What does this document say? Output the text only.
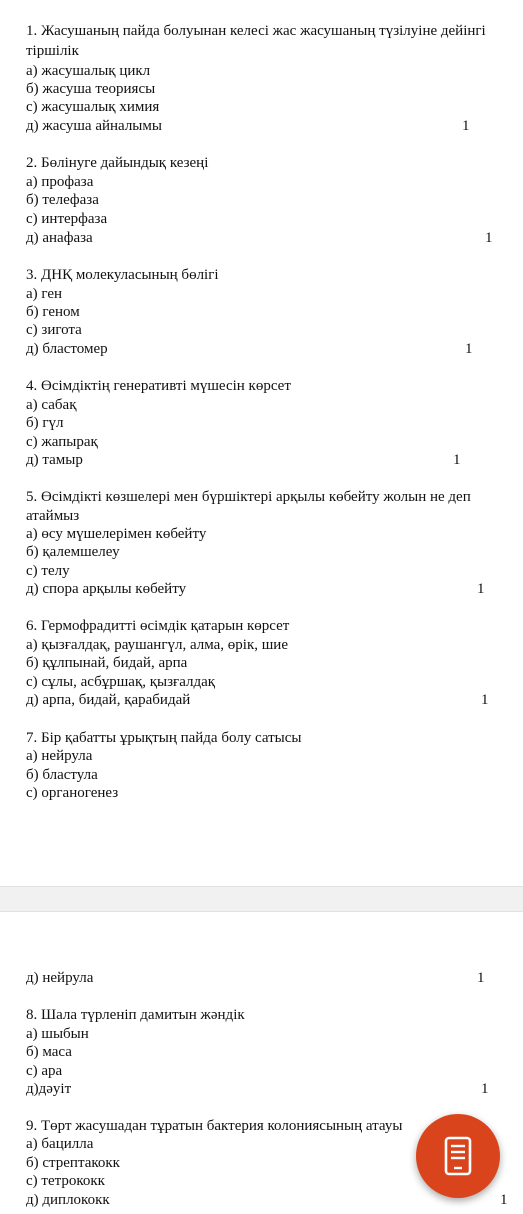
1. Жасушаның пайда болуынан келесі жас жасушаның түзілуіне дейінгі
тіршілік
а) жасушалық цикл
б) жасуша теориясы
с) жасушалық химия
д) жасуша айналымы	1
2. Бөлінуге дайындық кезеңі
а) профаза
б) телефаза
с) интерфаза
д) анафаза	1
3. ДНҚ молекуласының бөлігі
а) ген
б) геном
с) зигота
д) бластомер	1
4. Өсімдіктің генеративті мүшесін көрсет
а) сабақ
б) гүл
с) жапырақ
д) тамыр	1
5. Өсімдікті көзшелері мен бүршіктері арқылы көбейту жолын не деп
атаймыз
а) өсу мүшелерімен көбейту
б) қалемшелеу
с) телу
д) спора арқылы көбейту	1
6. Гермофрадитті өсімдік қатарын көрсет
а) қызғалдақ, раушангүл, алма, өрік, шие
б) құлпынай, бидай, арпа
с) сұлы, асбұршақ, қызғалдақ
д) арпа, бидай, қарабидай	1
7. Бір қабатты ұрықтың пайда болу сатысы
а) нейрула
б) бластула
с) органогенез
д) нейрула	1
8. Шала түрленіп дамитын жәндік
а) шыбын
б) маса
с) ара
д)дәуіт	1
9. Төрт жасушадан тұратын бактерия колониясының атауы
а) бацилла
б) стрептакокк
с) тетрококк
д) диплококк	1
